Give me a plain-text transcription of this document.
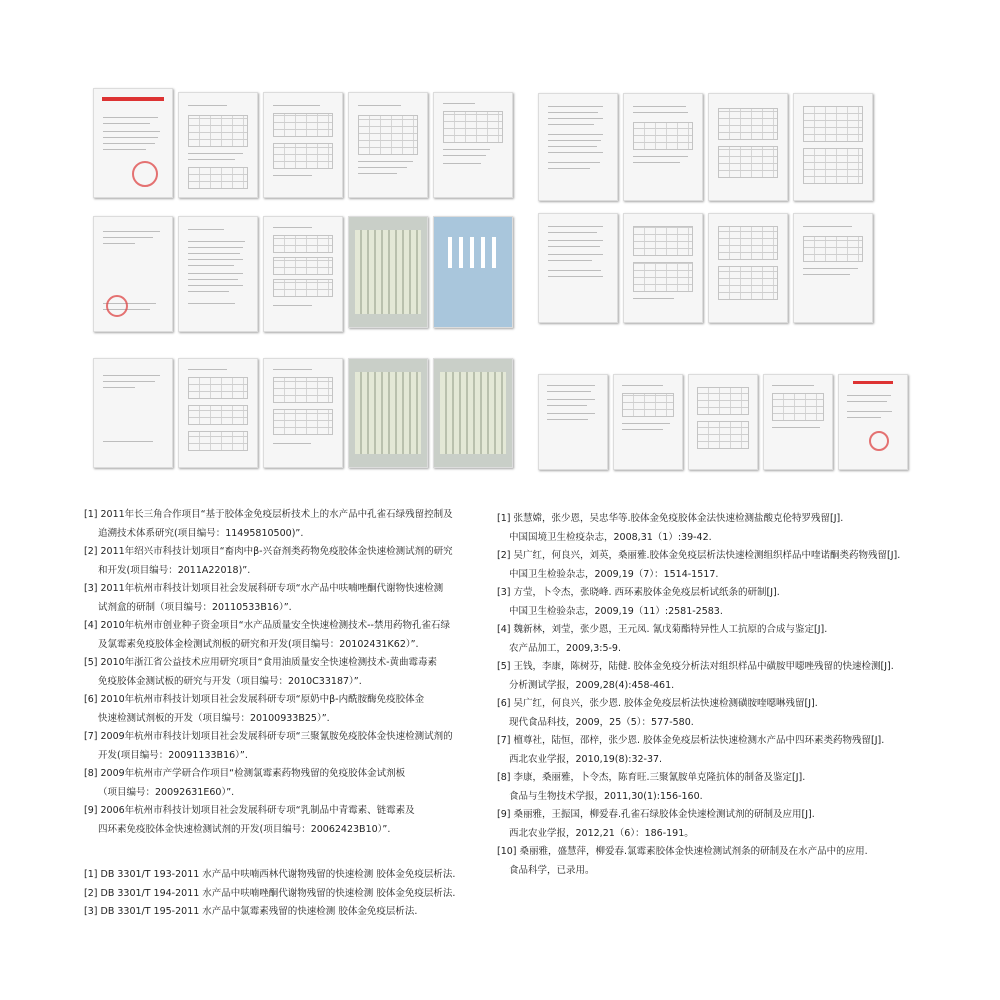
[1] 2011年长三角合作项目“基于胶体金免疫层析技术上的水产品中孔雀石绿残留控制及
追溯技术体系研究(项目编号：11495810500)”.
[2] 2011年绍兴市科技计划项目“畜肉中β-兴奋剂类药物免疫胶体金快速检测试剂的研究
和开发(项目编号：2011A22018)”.
[3] 2011年杭州市科技计划项目社会发展科研专项“水产品中呋喃唑酮代谢物快速检测
试剂盒的研制（项目编号：20110533B16）”.
[4] 2010年杭州市创业种子资金项目“水产品质量安全快速检测技术--禁用药物孔雀石绿
及氯霉素免疫胶体金检测试剂板的研究和开发(项目编号：20102431K62）”.
[5] 2010年浙江省公益技术应用研究项目“食用油质量安全快速检测技术-黄曲霉毒素
免疫胶体金测试板的研究与开发（项目编号：2010C33187）”.
[6] 2010年杭州市科技计划项目社会发展科研专项“原奶中β-内酰胺酶免疫胶体金
快速检测试剂板的开发（项目编号：20100933B25）”.
[7] 2009年杭州市科技计划项目社会发展科研专项“三聚氰胺免疫胶体金快速检测试剂的
开发(项目编号：20091133B16）”.
[8] 2009年杭州市产学研合作项目“检测氯霉素药物残留的免疫胶体金试剂板
（项目编号：20092631E60）”.
[9] 2006年杭州市科技计划项目社会发展科研专项“乳制品中青霉素、链霉素及
四环素免疫胶体金快速检测试剂的开发(项目编号：20062423B10）”.
[1] 张慧嫦，张少恩，吴忠华等.胶体金免疫胶体金法快速检测盐酸克伦特罗残留[J].
中国国境卫生检疫杂志，2008,31（1）:39-42.
[2] 吴广红，何良兴，刘英，桑丽雅.胶体金免疫层析法快速检测组织样品中喹诺酮类药物残留[J].
中国卫生检验杂志，2009,19（7）：1514-1517.
[3] 方莹，卜令杰，张晓峰. 西环素胶体金免疫层析试纸条的研制[J].
中国卫生检验杂志，2009,19（11）:2581-2583.
[4] 魏新林，刘莹，张少恩，王元凤. 氰戊菊酯特异性人工抗原的合成与鉴定[J].
农产品加工，2009,3:5-9.
[5] 王钱，李康，陈树芬，陆健. 胶体金免疫分析法对组织样品中磺胺甲噁唑残留的快速检测[J].
分析测试学报，2009,28(4):458-461.
[6] 吴广红，何良兴，张少恩. 胶体金免疫层析法快速检测磺胺喹噁啉残留[J].
现代食品科技，2009，25（5）：577-580.
[7] 檀尊社，陆恒，邵梓，张少恩. 胶体金免疫层析法快速检测水产品中四环素类药物残留[J].
西北农业学报，2010,19(8):32-37.
[8] 李康，桑丽雅，卜令杰，陈育旺.三聚氰胺单克隆抗体的制备及鉴定[J].
食品与生物技术学报，2011,30(1):156-160.
[9] 桑丽雅，王振国，柳爱春.孔雀石绿胶体金快速检测试剂的研制及应用[J].
西北农业学报，2012,21（6）：186-191。
[10] 桑丽雅，盛慧萍，柳爱春.氯霉素胶体金快速检测试剂条的研制及在水产品中的应用.
食品科学，已录用。
[1] DB 3301/T 193-2011 水产品中呋喃西林代谢物残留的快速检测 胶体金免疫层析法.
[2] DB 3301/T 194-2011 水产品中呋喃唑酮代谢物残留的快速检测 胶体金免疫层析法.
[3] DB 3301/T 195-2011 水产品中氯霉素残留的快速检测 胶体金免疫层析法.
